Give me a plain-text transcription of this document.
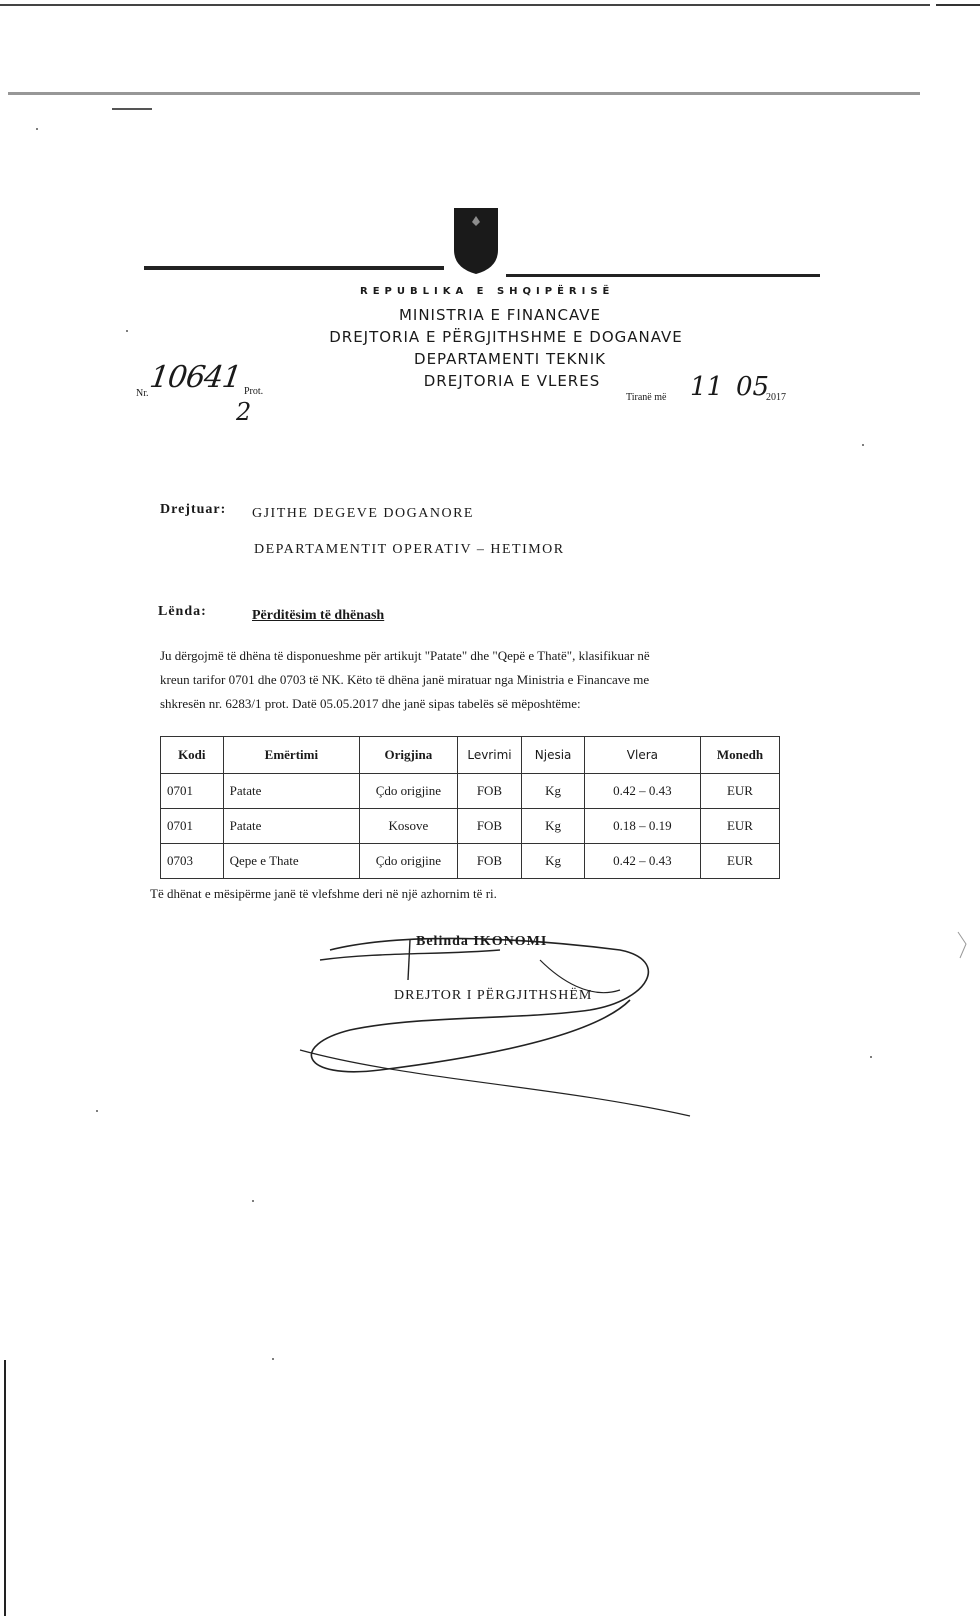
REPUBLIKA E SHQIPËRISË
MINISTRIA E FINANCAVE
DREJTORIA E PËRGJITHSHME E DOGANAVE
DEPARTAMENTI TEKNIK
DREJTORIA E VLERES
Nr. 10641 Prot.
2
Tiranë më 11 05
2017
Drejtuar: GJITHE DEGEVE DOGANORE
DEPARTAMENTIT OPERATIV – HETIMOR
Lënda:	Përditësim të dhënash
Ju dërgojmë të dhëna të disponueshme për artikujt "Patate" dhe "Qepë e Thatë", klasifikuar në
kreun tarifor 0701 dhe 0703 të NK. Këto të dhëna janë miratuar nga Ministria e Financave me
shkresën nr. 6283/1 prot. Datë 05.05.2017 dhe janë sipas tabelës së mëposhtëme:
Kodi	Emërtimi	Origjina	Levrimi	Njesia	Vlera	Monedh
0701	Patate	Çdo origjine	FOB	Kg	0.42 – 0.43	EUR
0701	Patate	Kosove	FOB	Kg	0.18 – 0.19	EUR
0703	Qepe e Thate	Çdo origjine	FOB	Kg	0.42 – 0.43	EUR
Të dhënat e mësipërme janë të vlefshme deri në një azhornim të ri.
Belinda IKONOMI
DREJTOR I PËRGJITHSHËM
